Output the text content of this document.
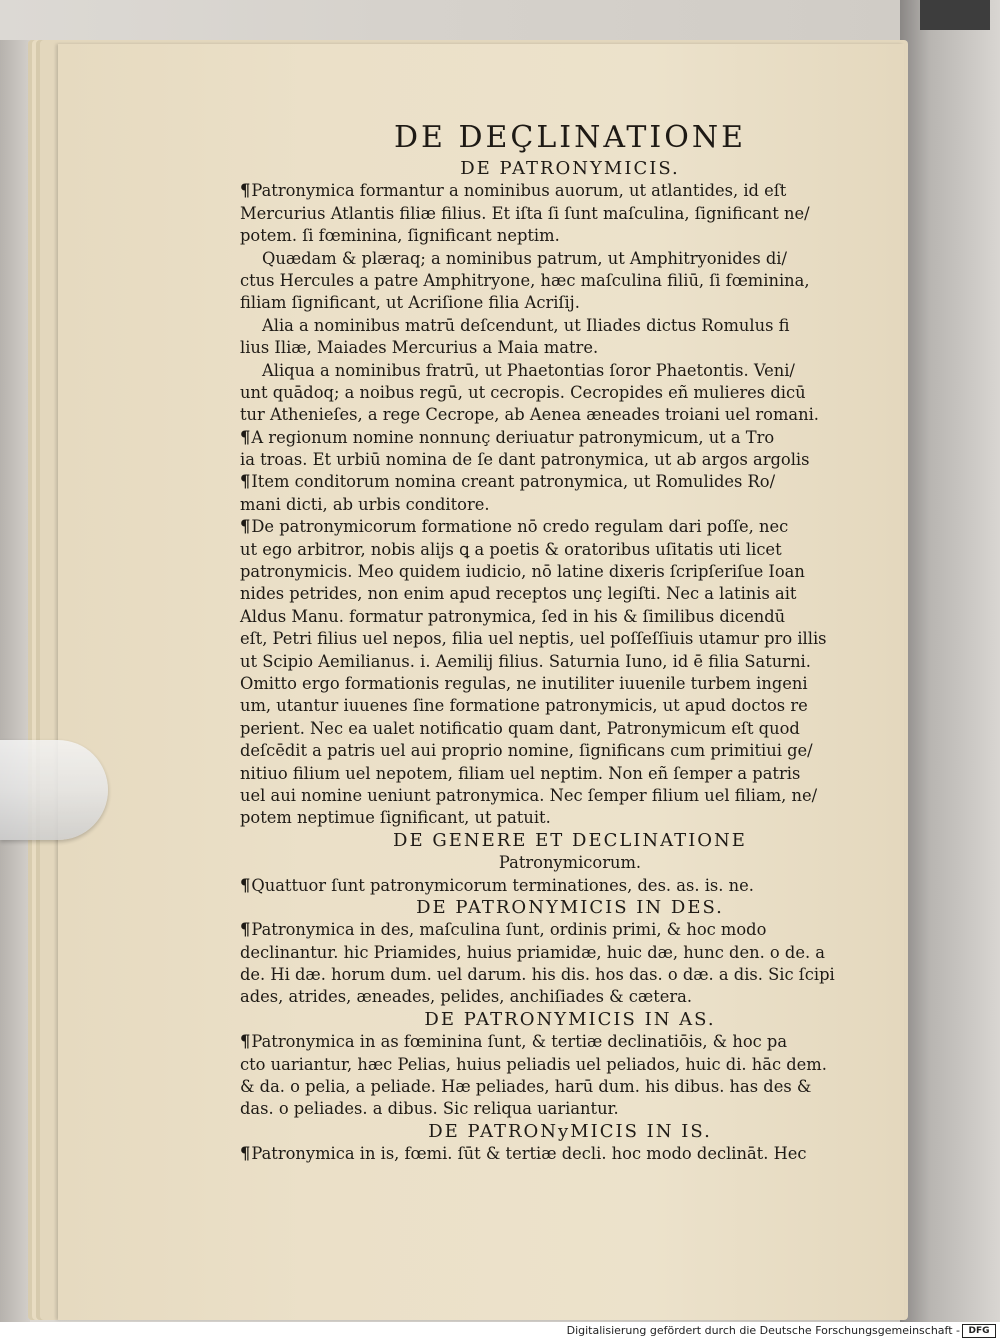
DE DEÇLINATIONE
DE PATRONYMICIS.
¶Patronymica formantur a nominibus auorum, ut atlantides, id eſt
Mercurius Atlantis filiæ filius. Et iſta ſi ſunt maſculina, ſignificant ne/
potem. ſi fœminina, ſignificant neptim.
Quædam & plæraq; a nominibus patrum, ut Amphitryonides di/
ctus Hercules a patre Amphitryone, hæc maſculina filiū, ſi fœminina,
filiam ſignificant, ut Acriſione filia Acriſij.
Alia a nominibus matrū deſcendunt, ut Iliades dictus Romulus fi
lius Iliæ, Maiades Mercurius a Maia matre.
Aliqua a nominibus fratrū, ut Phaetontias ſoror Phaetontis. Veni/
unt quādoq; a noibus regū, ut cecropis. Cecropides eñ mulieres dicū
tur Athenieſes, a rege Cecrope, ab Aenea æneades troiani uel romani.
¶A regionum nomine nonnunç deriuatur patronymicum, ut a Tro
ia troas. Et urbiū nomina de ſe dant patronymica, ut ab argos argolis
¶Item conditorum nomina creant patronymica, ut Romulides Ro/
mani dicti, ab urbis conditore.
¶De patronymicorum formatione nō credo regulam dari poſſe, nec
ut ego arbitror, nobis alijs ꝗ a poetis & oratoribus uſitatis uti licet
patronymicis. Meo quidem iudicio, nō latine dixeris ſcripſeriſue Ioan
nides petrides, non enim apud receptos unç legiſti. Nec a latinis ait
Aldus Manu. formatur patronymica, ſed in his & ſimilibus dicendū
eſt, Petri filius uel nepos, filia uel neptis, uel poſſeſſiuis utamur pro illis
ut Scipio Aemilianus. i. Aemilij filius. Saturnia Iuno, id ē filia Saturni.
Omitto ergo formationis regulas, ne inutiliter iuuenile turbem ingeni
um, utantur iuuenes ſine formatione patronymicis, ut apud doctos re
perient. Nec ea ualet notificatio quam dant, Patronymicum eſt quod
deſcēdit a patris uel aui proprio nomine, ſignificans cum primitiui ge/
nitiuo filium uel nepotem, filiam uel neptim. Non eñ ſemper a patris
uel aui nomine ueniunt patronymica. Nec ſemper filium uel filiam, ne/
potem neptimue ſignificant, ut patuit.
DE GENERE ET DECLINATIONE
Patronymicorum.
¶Quattuor ſunt patronymicorum terminationes, des. as. is. ne.
DE PATRONYMICIS IN DES.
¶Patronymica in des, maſculina ſunt, ordinis primi, & hoc modo
declinantur. hic Priamides, huius priamidæ, huic dæ, hunc den. o de. a
de. Hi dæ. horum dum. uel darum. his dis. hos das. o dæ. a dis. Sic ſcipi
ades, atrides, æneades, pelides, anchiſiades & cætera.
DE PATRONYMICIS IN AS.
¶Patronymica in as fœminina ſunt, & tertiæ declinatiōis, & hoc pa
cto uariantur, hæc Pelias, huius peliadis uel peliados, huic di. hāc dem.
& da. o pelia, a peliade. Hæ peliades, harū dum. his dibus. has des &
das. o peliades. a dibus. Sic reliqua uariantur.
DE PATRONyMICIS IN IS.
¶Patronymica in is, fœmi. ſūt & tertiæ decli. hoc modo declināt. Hec
Digitalisierung gefördert durch die Deutsche Forschungsgemeinschaft - DFG
